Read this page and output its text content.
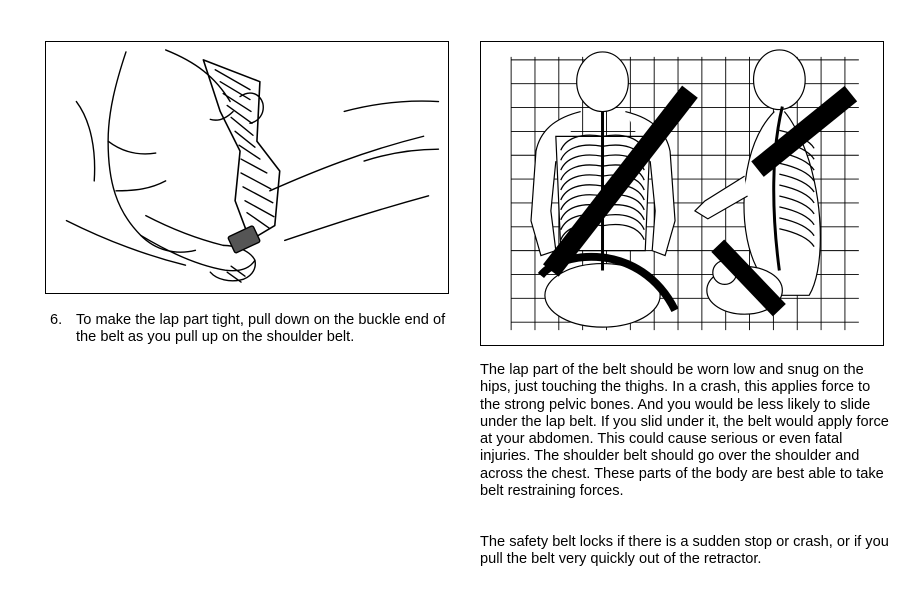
6. To make the lap part tight, pull down on the buckle end of the belt as you pull up on the shoulder belt.

The lap part of the belt should be worn low and snug on the hips, just touching the thighs. In a crash, this applies force to the strong pelvic bones. And you would be less likely to slide under the lap belt. If you slid under it, the belt would apply force at your abdomen. This could cause serious or even fatal injuries. The shoulder belt should go over the shoulder and across the chest. These parts of the body are best able to take belt restraining forces.

The safety belt locks if there is a sudden stop or crash, or if you pull the belt very quickly out of the retractor.
